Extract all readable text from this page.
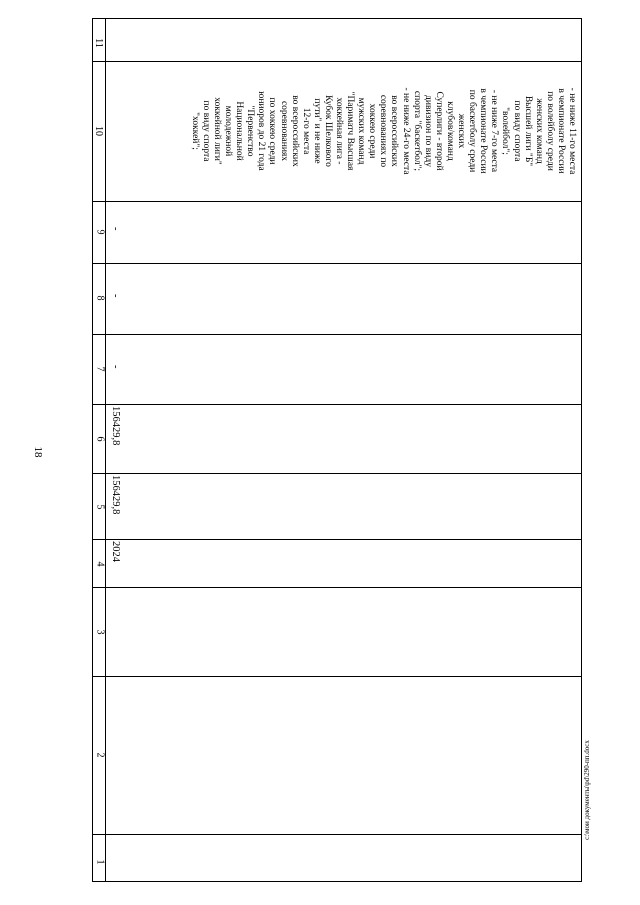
18
c:\мои документы\pd\290-пп.docx
1
2
3
4
5
6
7
8
9
10
11
2024
156429,8
156429,8
-
-
-
- не ниже 11-го места
в чемпионате России
по волейболу среди
женских команд
Высшей лиги "Б"
по виду спорта
"волейбол";
- не ниже 7-го места
в чемпионате России
по баскетболу среди
женских
клубов/команд
Суперлиги - второй
дивизион по виду
спорта "баскетбол";
- не ниже 24-го места
во всероссийских
соревнованиях по
хоккею среди
мужских команд
"Париматч Высшая
хоккейная лига -
Кубок Шелкового
пути" и не ниже
12-го места
во всероссийских
соревнованиях
по хоккею среди
юниоров до 21 года
"Первенство
Национальной
молодежной
хоккейной лиги"
по виду спорта
"хоккей";
